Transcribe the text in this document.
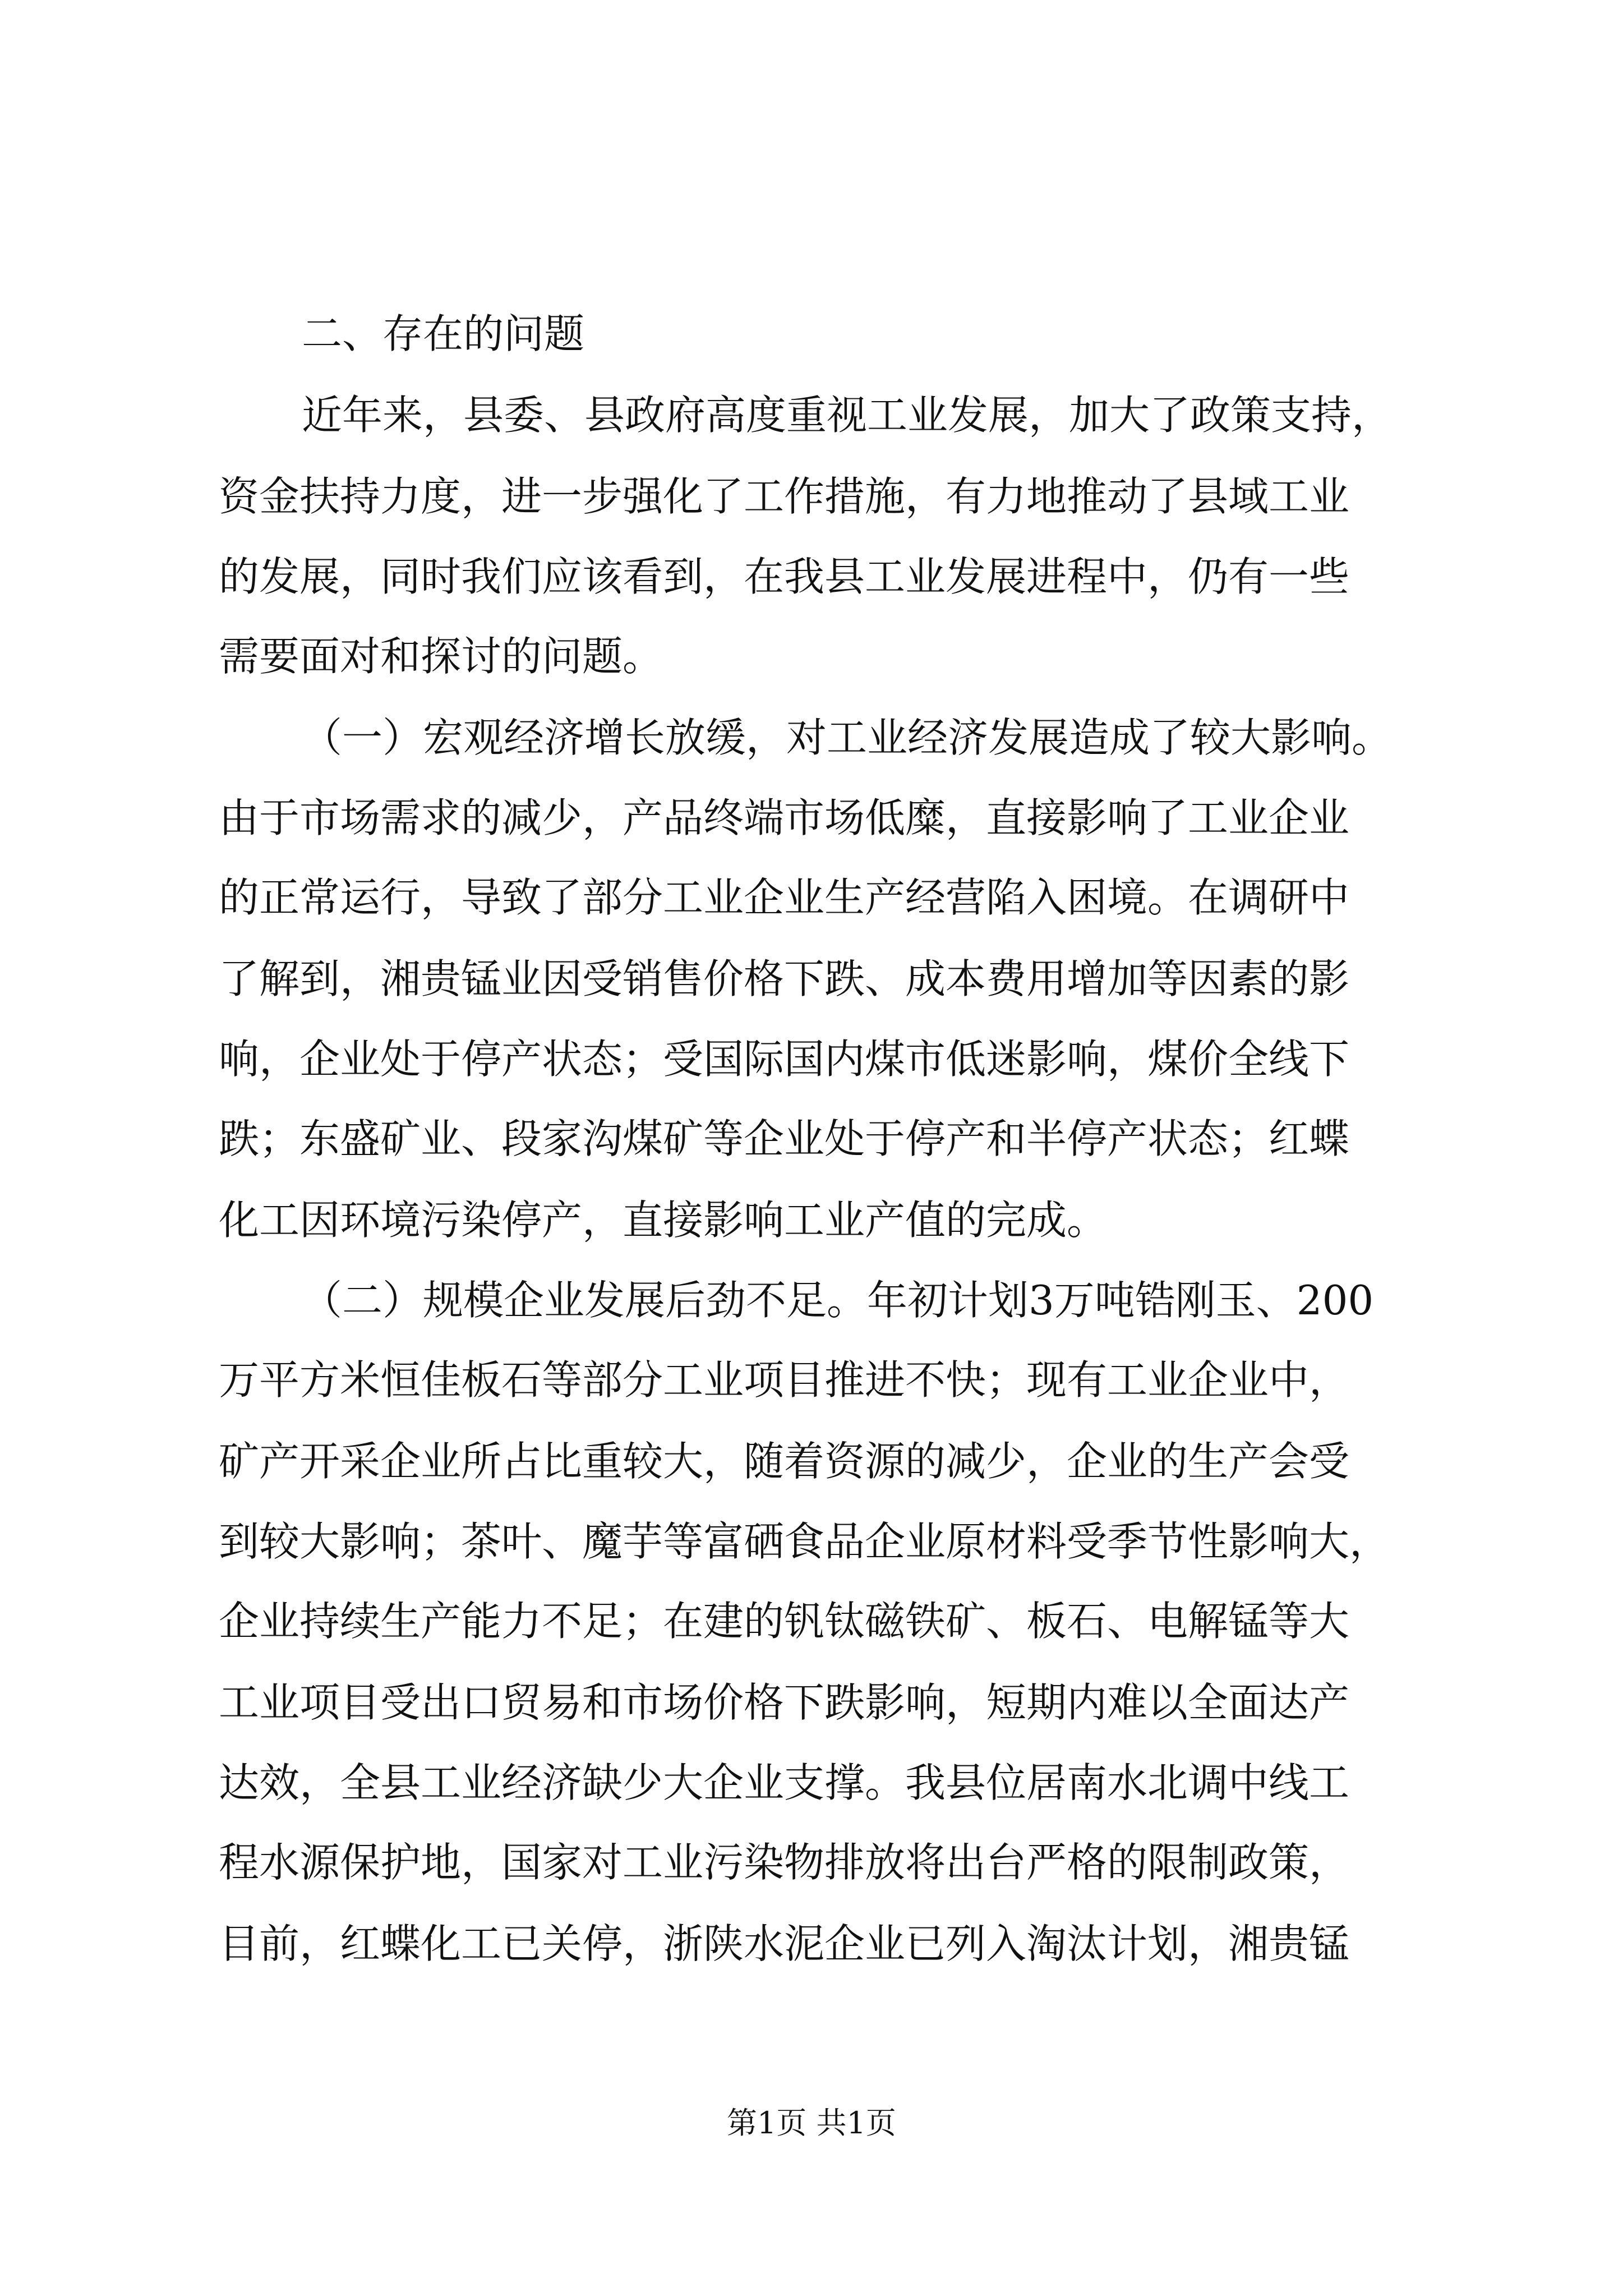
二、存在的问题
近年来，县委、县政府高度重视工业发展，加大了政策支持，
资金扶持力度，进一步强化了工作措施，有力地推动了县域工业
的发展，同时我们应该看到，在我县工业发展进程中，仍有一些
需要面对和探讨的问题。
（一）宏观经济增长放缓，对工业经济发展造成了较大影响。
由于市场需求的减少，产品终端市场低糜，直接影响了工业企业
的正常运行，导致了部分工业企业生产经营陷入困境。在调研中
了解到，湘贵锰业因受销售价格下跌、成本费用增加等因素的影
响，企业处于停产状态；受国际国内煤市低迷影响，煤价全线下
跌；东盛矿业、段家沟煤矿等企业处于停产和半停产状态；红蝶
化工因环境污染停产，直接影响工业产值的完成。
（二）规模企业发展后劲不足。年初计划3万吨锆刚玉、200
万平方米恒佳板石等部分工业项目推进不快；现有工业企业中，
矿产开采企业所占比重较大，随着资源的减少，企业的生产会受
到较大影响；茶叶、魔芋等富硒食品企业原材料受季节性影响大，
企业持续生产能力不足；在建的钒钛磁铁矿、板石、电解锰等大
工业项目受出口贸易和市场价格下跌影响，短期内难以全面达产
达效，全县工业经济缺少大企业支撑。我县位居南水北调中线工
程水源保护地，国家对工业污染物排放将出台严格的限制政策，
目前，红蝶化工已关停，浙陕水泥企业已列入淘汰计划，湘贵锰
第1页 共1页
